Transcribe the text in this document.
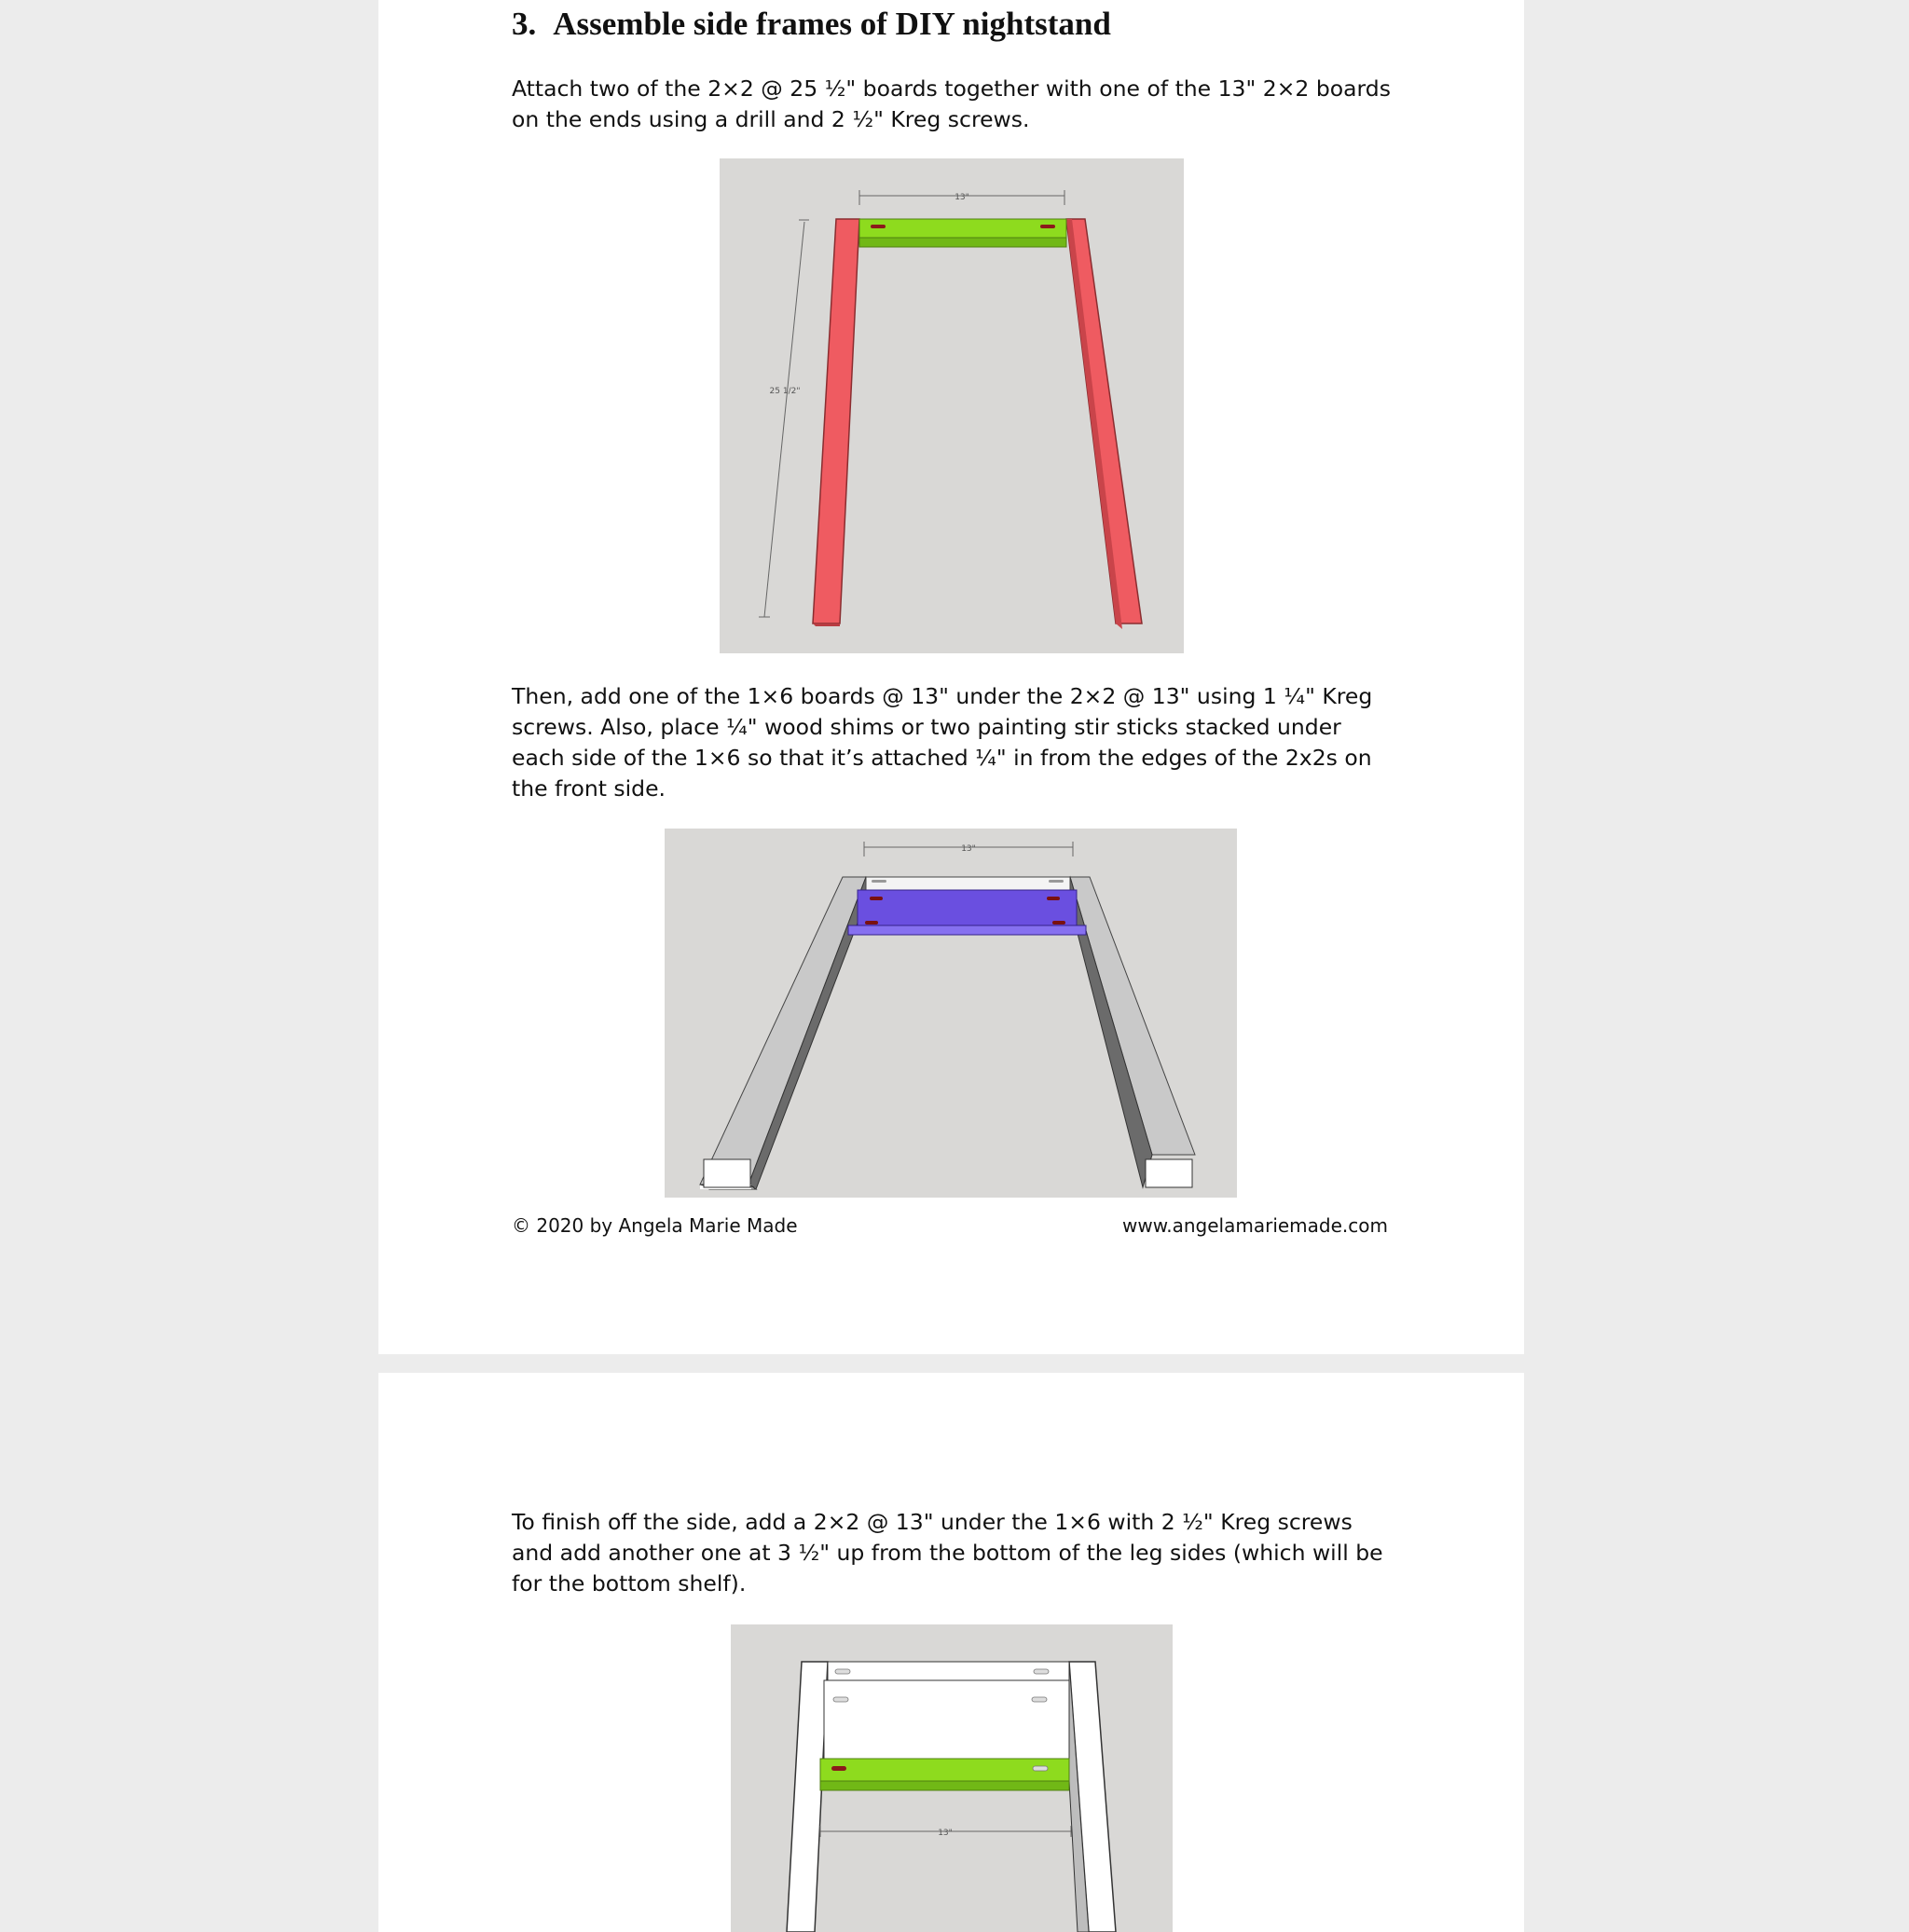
3. Assemble side frames of DIY nightstand

Attach two of the 2×2 @ 25 ½" boards together with one of the 13" 2×2 boards on the ends using a drill and 2 ½" Kreg screws.

13"
25 1/2"

Then, add one of the 1×6 boards @ 13" under the 2×2 @ 13" using 1 ¼" Kreg screws. Also, place ¼" wood shims or two painting stir sticks stacked under each side of the 1×6 so that it’s attached ¼" in from the edges of the 2x2s on the front side.

13"
© 2020 by Angela Marie Made	www.angelamariemade.com

To finish off the side, add a 2×2 @ 13" under the 1×6 with 2 ½" Kreg screws and add another one at 3 ½" up from the bottom of the leg sides (which will be for the bottom shelf).

13"
